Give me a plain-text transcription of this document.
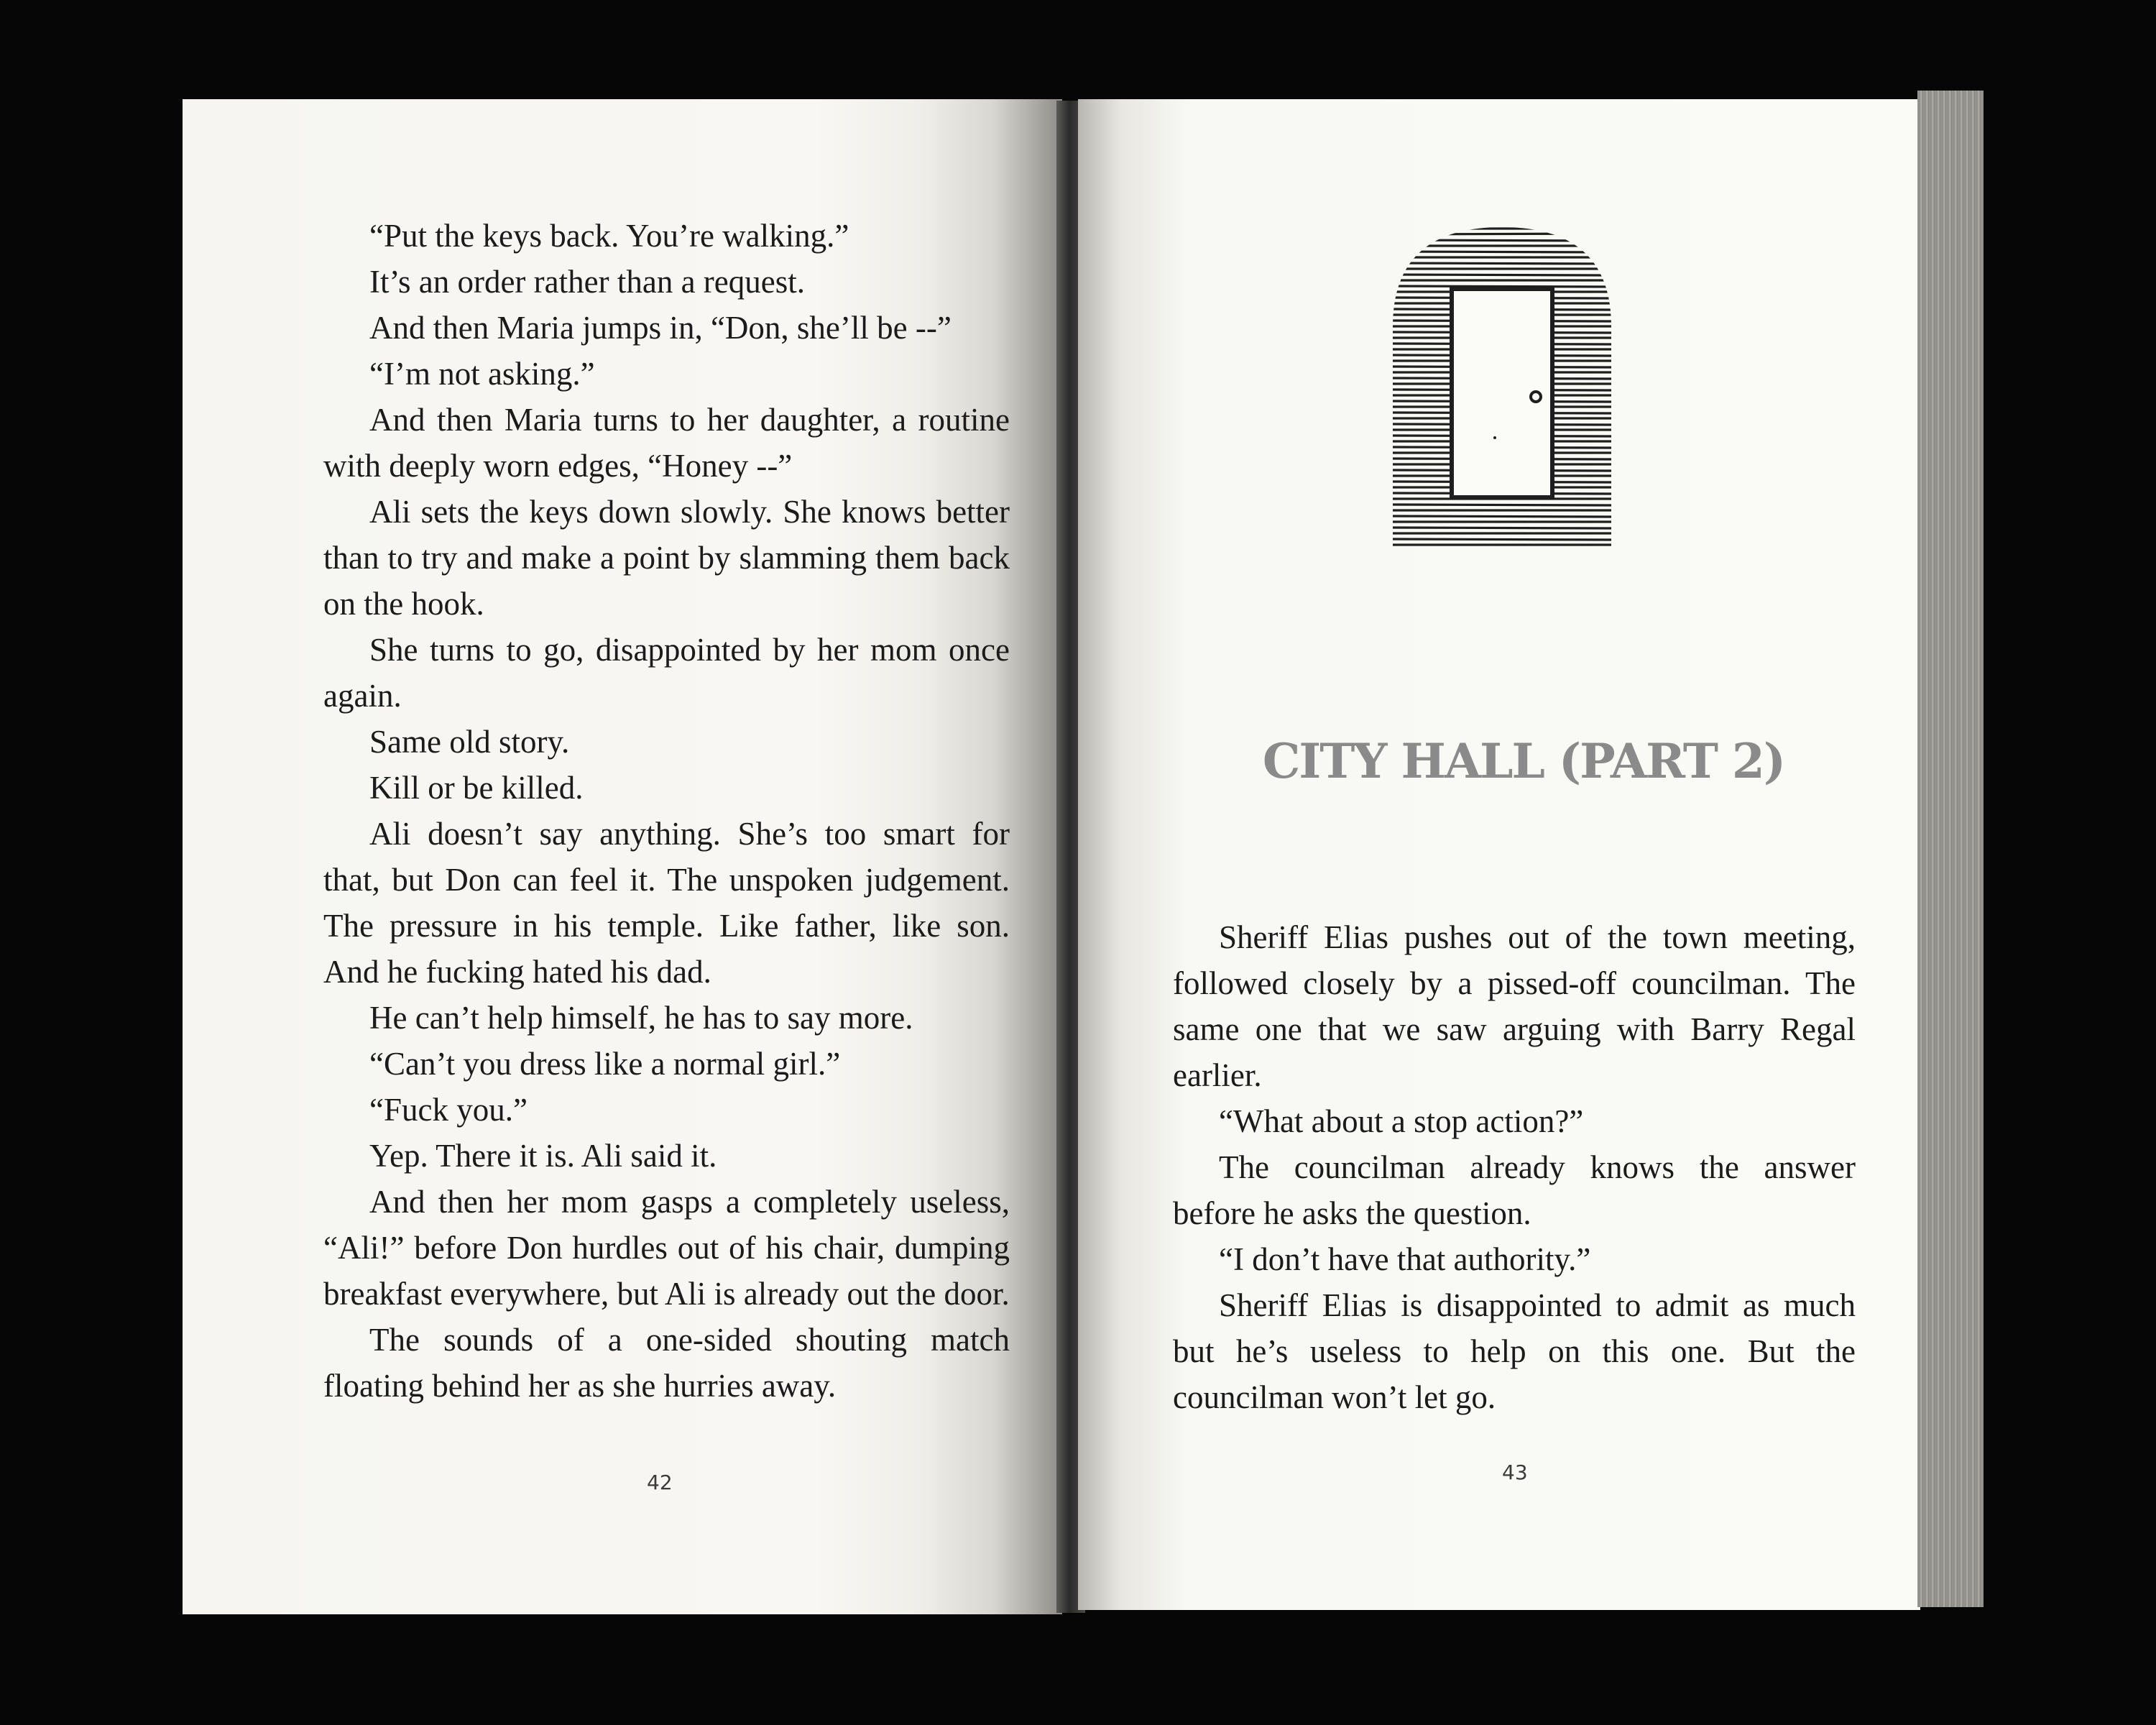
“Put the keys back. You’re walking.”

It’s an order rather than a request.

And then Maria jumps in, “Don, she’ll be --”

“I’m not asking.”

And then Maria turns to her daughter, a routine with deeply worn edges, “Honey --”

Ali sets the keys down slowly. She knows better than to try and make a point by slamming them back on the hook.

She turns to go, disappointed by her mom once again.

Same old story.

Kill or be killed.

Ali doesn’t say anything. She’s too smart for that, but Don can feel it. The unspoken judgement. The pressure in his temple. Like father, like son. And he fucking hated his dad.

He can’t help himself, he has to say more.

“Can’t you dress like a normal girl.”

“Fuck you.”

Yep. There it is. Ali said it.

And then her mom gasps a completely useless, “Ali!” before Don hurdles out of his chair, dumping breakfast everywhere, but Ali is already out the door.

The sounds of a one-sided shouting match floating behind her as she hurries away.

42
CITY HALL (PART 2)

Sheriff Elias pushes out of the town meeting, followed closely by a pissed-off councilman. The same one that we saw arguing with Barry Regal earlier.

“What about a stop action?”

The councilman already knows the answer before he asks the question.

“I don’t have that authority.”

Sheriff Elias is disappointed to admit as much but he’s useless to help on this one. But the councilman won’t let go.

43
